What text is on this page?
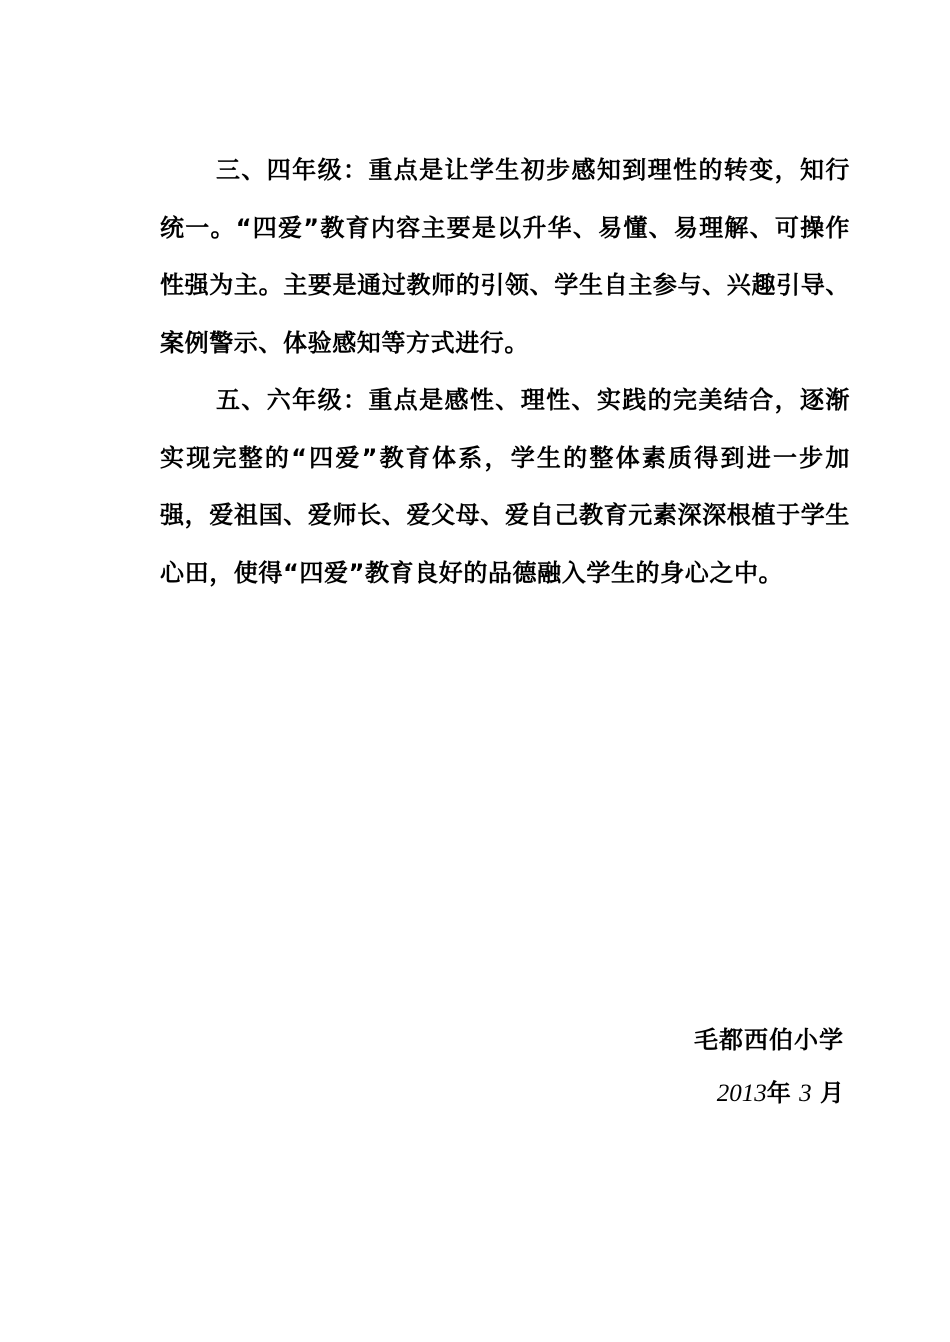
三、四年级：重点是让学生初步感知到理性的转变，知行统一。“四爱”教育内容主要是以升华、易懂、易理解、可操作性强为主。主要是通过教师的引领、学生自主参与、兴趣引导、案例警示、体验感知等方式进行。

五、六年级：重点是感性、理性、实践的完美结合，逐渐实现完整的“四爱”教育体系，学生的整体素质得到进一步加强，爱祖国、爱师长、爱父母、爱自己教育元素深深根植于学生心田，使得“四爱”教育良好的品德融入学生的身心之中。

毛都西伯小学
2013年 3 月
